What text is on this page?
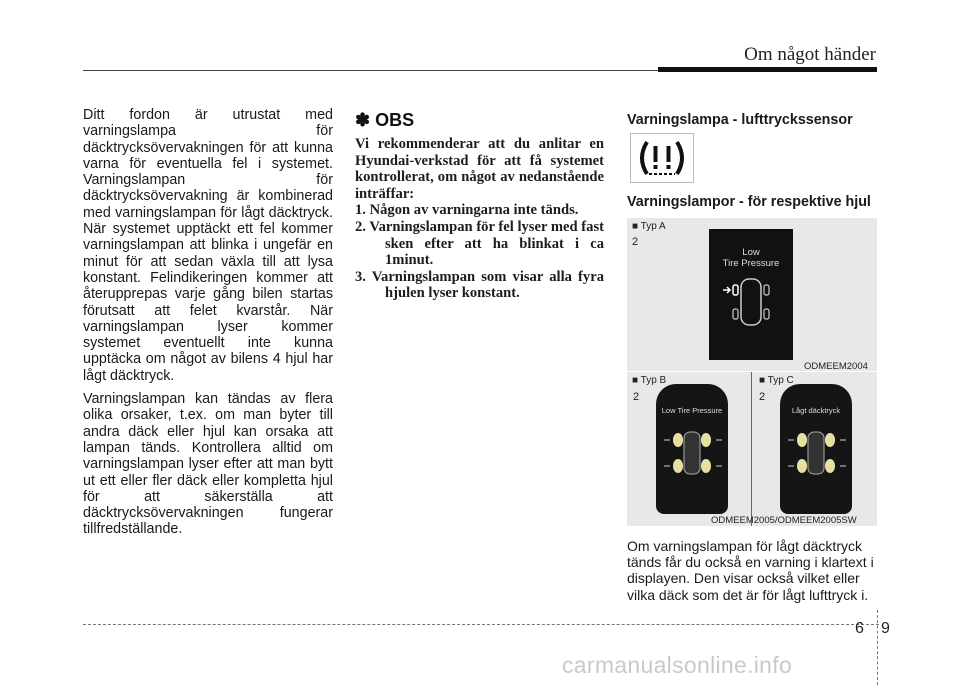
Om något händer

Ditt fordon är utrustat med varningslampa för däcktrycksövervakningen för att kunna varna för eventuella fel i systemet. Varningslampan för däcktrycksövervakning är kombinerad med varningslampan för lågt däcktryck. När systemet upptäckt ett fel kommer varningslampan att blinka i ungefär en minut för att sedan växla till att lysa konstant. Felindikeringen kommer att återupprepas varje gång bilen startas förutsatt att felet kvarstår. När varningslampan lyser kommer systemet eventuellt inte kunna upptäcka om något av bilens 4 hjul har lågt däcktryck.

Varningslampan kan tändas av flera olika orsaker, t.ex. om man byter till andra däck eller hjul kan orsaka att lampan tänds. Kontrollera alltid om varningslampan lyser efter att man bytt ut ett eller fler däck eller kompletta hjul för att säkerställa att däcktrycksövervakningen fungerar tillfredställande.

✽ OBS

Vi rekommenderar att du anlitar en Hyundai-verkstad för att få systemet kontrollerat, om något av nedanstående inträffar:

1. Någon av varningarna inte tänds.

2. Varningslampan för fel lyser med fast sken efter att ha blinkat i ca 1minut.

3. Varningslampan som visar alla fyra hjulen lyser konstant.

Varningslampa - lufttryckssensor
Varningslampor - för respektive hjul
■ Typ A
2
Low
Tire Pressure
ODMEEM2004
■ Typ B
2
■ Typ C
2
Low Tire Pressure	Lågt däcktryck
ODMEEM2005/ODMEEM2005SW
Om varningslampan för lågt däcktryck tänds får du också en varning i klartext i displayen. Den visar också vilket eller vilka däck som det är för lågt lufttryck i.
6 9
carmanualsonline.info
